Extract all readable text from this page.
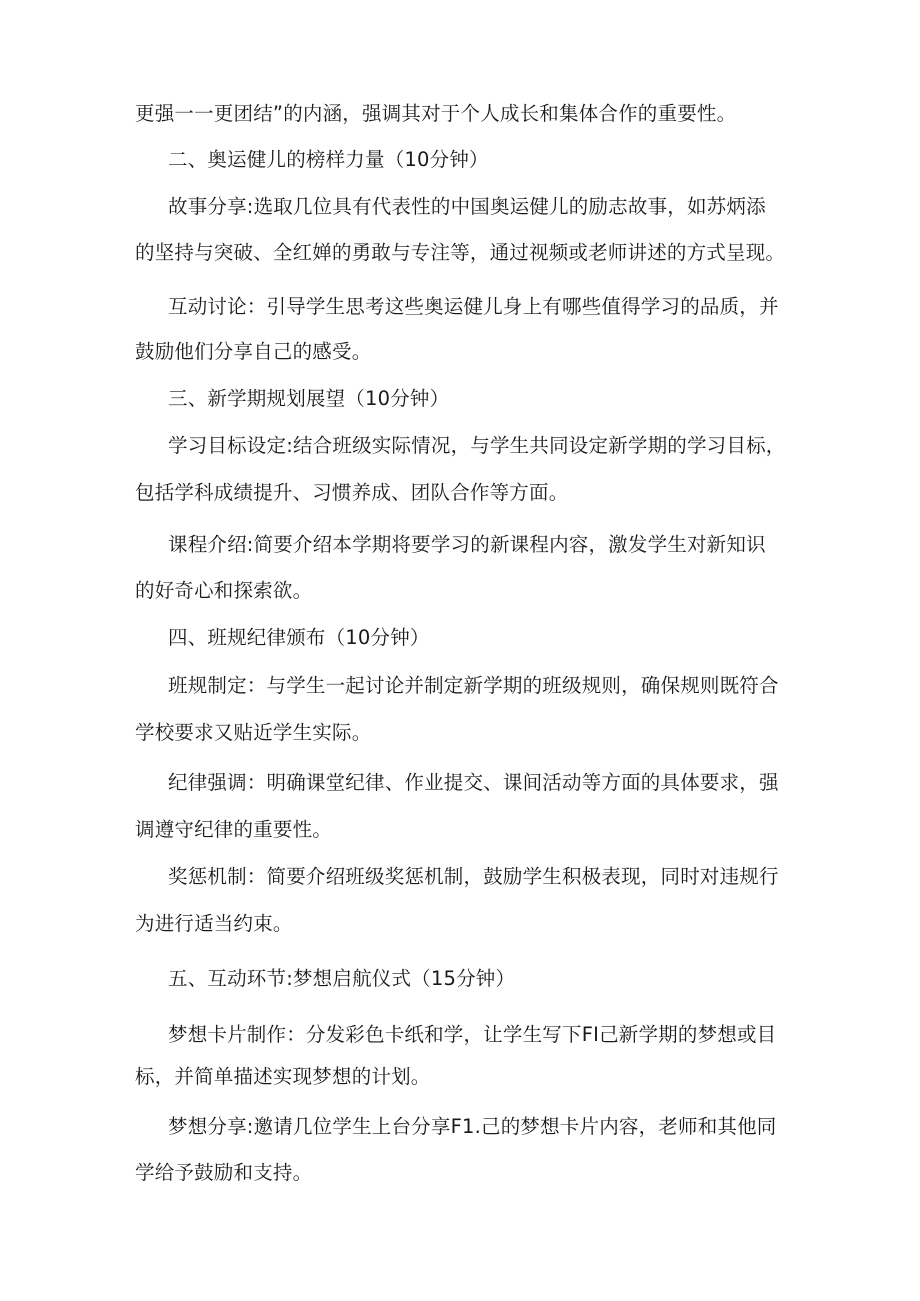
更强一一更团结”的内涵，强调其对于个人成长和集体合作的重要性。
二、奥运健儿的榜样力量（10分钟）
故事分享:选取几位具有代表性的中国奥运健儿的励志故事，如苏炳添
的坚持与突破、全红婵的勇敢与专注等，通过视频或老师讲述的方式呈现。
互动讨论：引导学生思考这些奥运健儿身上有哪些值得学习的品质，并
鼓励他们分享自己的感受。
三、新学期规划展望（10分钟）
学习目标设定:结合班级实际情况，与学生共同设定新学期的学习目标，
包括学科成绩提升、习惯养成、团队合作等方面。
课程介绍:简要介绍本学期将要学习的新课程内容，激发学生对新知识
的好奇心和探索欲。
四、班规纪律颁布（10分钟）
班规制定：与学生一起讨论并制定新学期的班级规则，确保规则既符合
学校要求又贴近学生实际。
纪律强调：明确课堂纪律、作业提交、课间活动等方面的具体要求，强
调遵守纪律的重要性。
奖惩机制：简要介绍班级奖惩机制，鼓励学生积极表现，同时对违规行
为进行适当约束。
五、互动环节:梦想启航仪式（15分钟）
梦想卡片制作：分发彩色卡纸和学，让学生写下FI己新学期的梦想或目
标，并简单描述实现梦想的计划。
梦想分享:邀请几位学生上台分享F1.己的梦想卡片内容，老师和其他同
学给予鼓励和支持。
